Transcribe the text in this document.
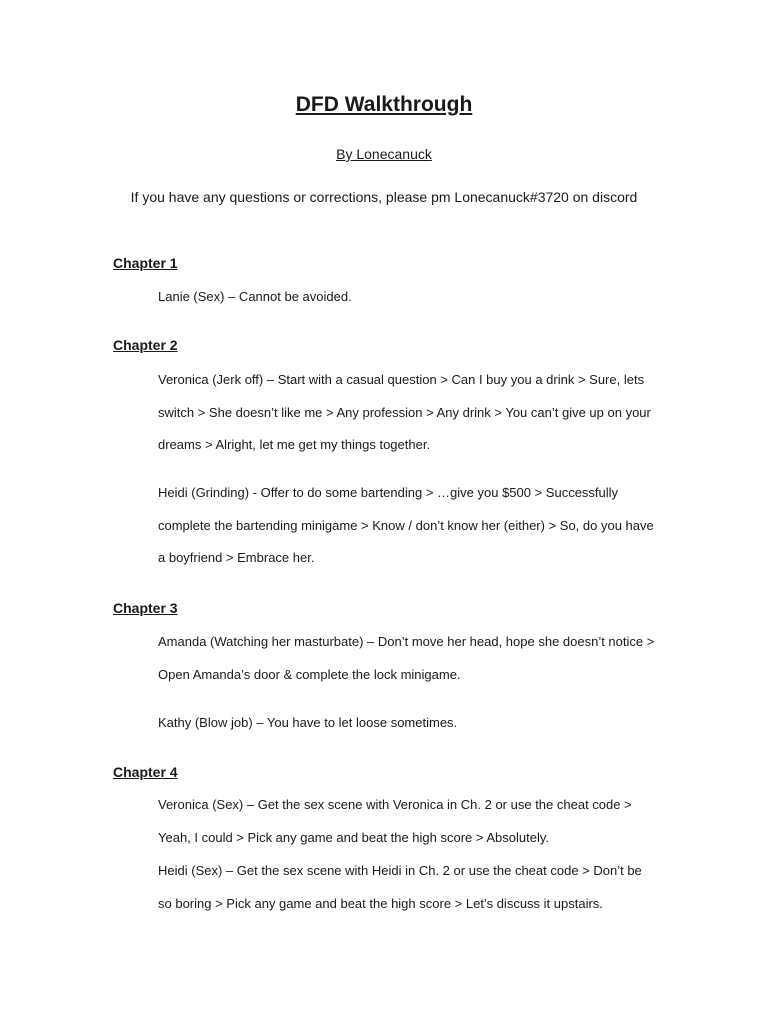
DFD Walkthrough

By Lonecanuck

If you have any questions or corrections, please pm Lonecanuck#3720 on discord

Chapter 1

Lanie (Sex) – Cannot be avoided.

Chapter 2

Veronica (Jerk off) – Start with a casual question > Can I buy you a drink > Sure, lets switch > She doesn’t like me > Any profession > Any drink > You can’t give up on your dreams > Alright, let me get my things together.

Heidi (Grinding) - Offer to do some bartending > …give you $500 > Successfully complete the bartending minigame > Know / don’t know her (either) > So, do you have a boyfriend > Embrace her.

Chapter 3

Amanda (Watching her masturbate) – Don’t move her head, hope she doesn’t notice > Open Amanda’s door & complete the lock minigame.

Kathy (Blow job) – You have to let loose sometimes.

Chapter 4

Veronica (Sex) – Get the sex scene with Veronica in Ch. 2 or use the cheat code > Yeah, I could > Pick any game and beat the high score > Absolutely.

Heidi (Sex) – Get the sex scene with Heidi in Ch. 2 or use the cheat code > Don’t be so boring > Pick any game and beat the high score > Let’s discuss it upstairs.
